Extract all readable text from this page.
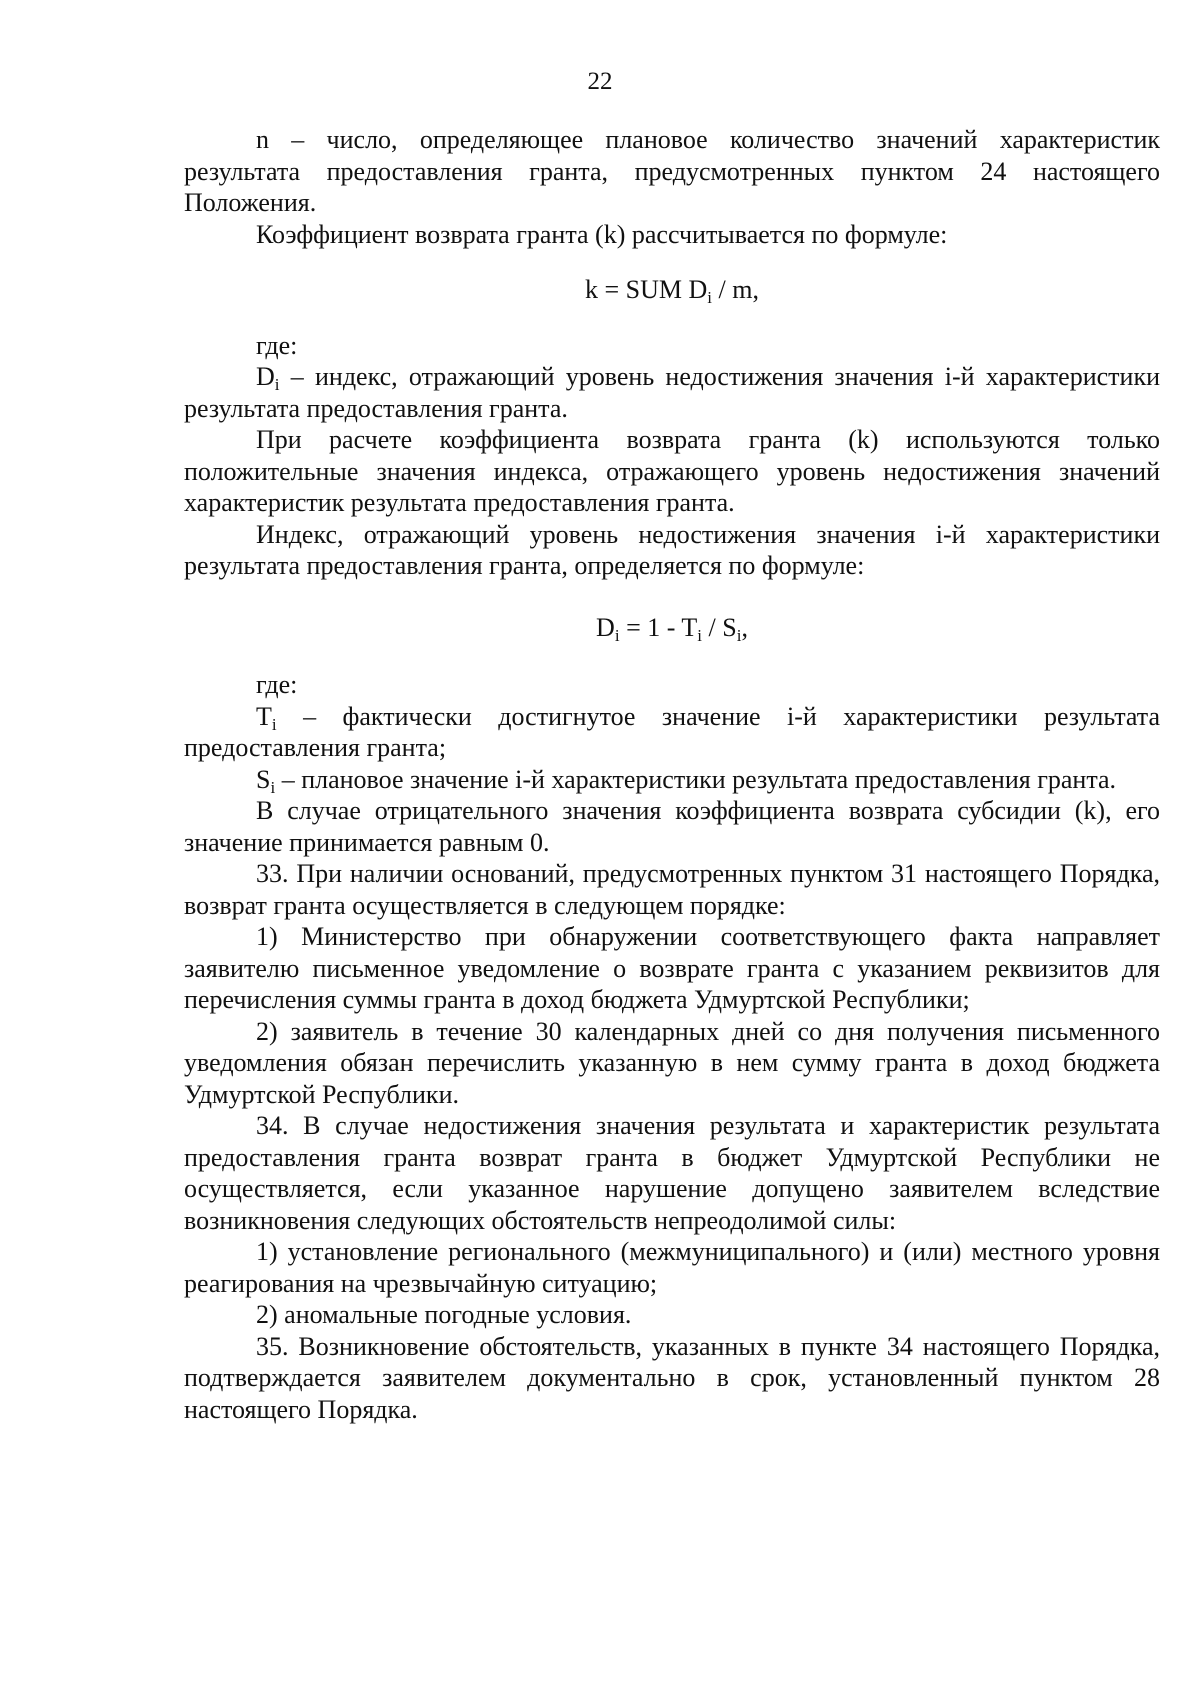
22

n – число, определяющее плановое количество значений характеристик результата предоставления гранта, предусмотренных пунктом 24 настоящего Положения.

Коэффициент возврата гранта (k) рассчитывается по формуле:

k = SUM $D_i$ / m,

где:

$D_i$ – индекс, отражающий уровень недостижения значения i-й характеристики результата предоставления гранта.

При расчете коэффициента возврата гранта (k) используются только положительные значения индекса, отражающего уровень недостижения значений характеристик результата предоставления гранта.

Индекс, отражающий уровень недостижения значения i-й характеристики результата предоставления гранта, определяется по формуле:

$D_i = 1 - T_i / S_i$,

где:

$T_i$ – фактически достигнутое значение i-й характеристики результата предоставления гранта;

$S_i$ – плановое значение i-й характеристики результата предоставления гранта.

В случае отрицательного значения коэффициента возврата субсидии (k), его значение принимается равным 0.

33. При наличии оснований, предусмотренных пунктом 31 настоящего Порядка, возврат гранта осуществляется в следующем порядке:

1) Министерство при обнаружении соответствующего факта направляет заявителю письменное уведомление о возврате гранта с указанием реквизитов для перечисления суммы гранта в доход бюджета Удмуртской Республики;

2) заявитель в течение 30 календарных дней со дня получения письменного уведомления обязан перечислить указанную в нем сумму гранта в доход бюджета Удмуртской Республики.

34. В случае недостижения значения результата и характеристик результата предоставления гранта возврат гранта в бюджет Удмуртской Республики не осуществляется, если указанное нарушение допущено заявителем вследствие возникновения следующих обстоятельств непреодолимой силы:

1) установление регионального (межмуниципального) и (или) местного уровня реагирования на чрезвычайную ситуацию;

2) аномальные погодные условия.

35. Возникновение обстоятельств, указанных в пункте 34 настоящего Порядка, подтверждается заявителем документально в срок, установленный пунктом 28 настоящего Порядка.
